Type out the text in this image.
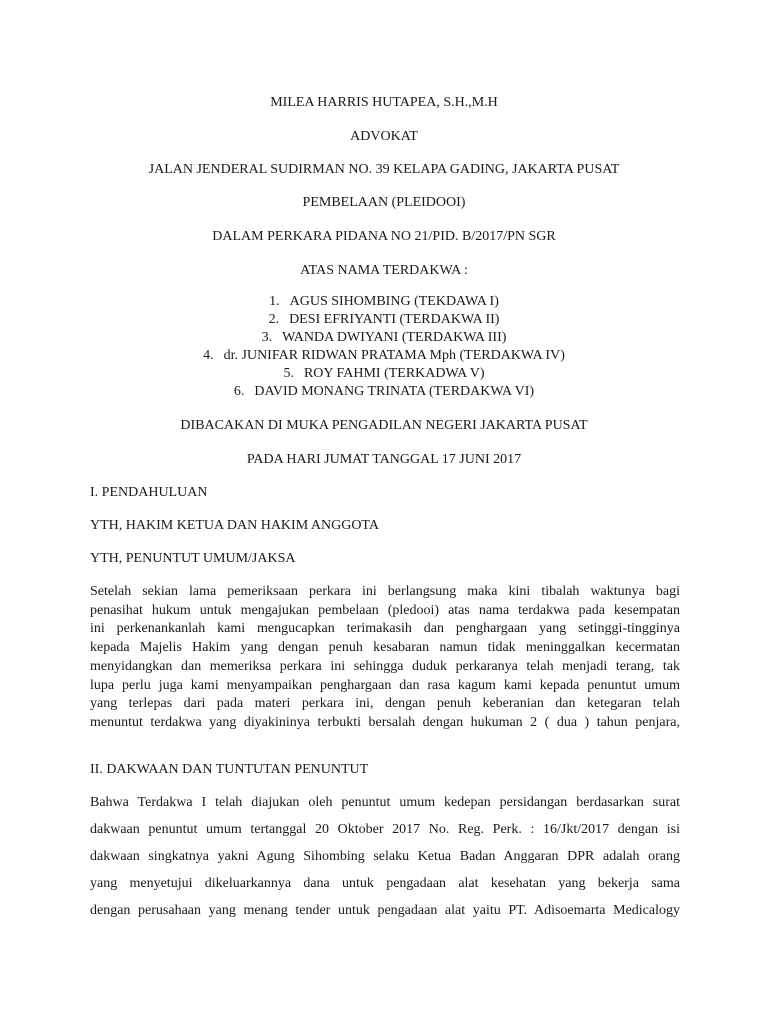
MILEA HARRIS HUTAPEA, S.H.,M.H
ADVOKAT
JALAN JENDERAL SUDIRMAN NO. 39 KELAPA GADING, JAKARTA PUSAT
PEMBELAAN (PLEIDOOI)
DALAM PERKARA PIDANA NO 21/PID. B/2017/PN SGR
ATAS NAMA TERDAKWA :
1. AGUS SIHOMBING (TEKDAWA I)
2. DESI EFRIYANTI (TERDAKWA II)
3. WANDA DWIYANI (TERDAKWA III)
4. dr. JUNIFAR RIDWAN PRATAMA Mph (TERDAKWA IV)
5. ROY FAHMI (TERKADWA V)
6. DAVID MONANG TRINATA (TERDAKWA VI)
DIBACAKAN DI MUKA PENGADILAN NEGERI JAKARTA PUSAT
PADA HARI JUMAT TANGGAL 17 JUNI 2017
I. PENDAHULUAN
YTH, HAKIM KETUA DAN HAKIM ANGGOTA
YTH, PENUNTUT UMUM/JAKSA
Setelah sekian lama pemeriksaan perkara ini berlangsung maka kini tibalah waktunya bagi
penasihat hukum untuk mengajukan pembelaan (pledooi) atas nama terdakwa pada kesempatan
ini perkenankanlah kami mengucapkan terimakasih dan penghargaan yang setinggi-tingginya
kepada Majelis Hakim yang dengan penuh kesabaran namun tidak meninggalkan kecermatan
menyidangkan dan memeriksa perkara ini sehingga duduk perkaranya telah menjadi terang, tak
lupa perlu juga kami menyampaikan penghargaan dan rasa kagum kami kepada penuntut umum
yang terlepas dari pada materi perkara ini, dengan penuh keberanian dan ketegaran telah
menuntut terdakwa yang diyakininya terbukti bersalah dengan hukuman 2 ( dua ) tahun penjara,
II. DAKWAAN DAN TUNTUTAN PENUNTUT
Bahwa Terdakwa I telah diajukan oleh penuntut umum kedepan persidangan berdasarkan surat
dakwaan penuntut umum tertanggal 20 Oktober 2017 No. Reg. Perk. : 16/Jkt/2017 dengan isi
dakwaan singkatnya yakni Agung Sihombing selaku Ketua Badan Anggaran DPR adalah orang
yang menyetujui dikeluarkannya dana untuk pengadaan alat kesehatan yang bekerja sama
dengan perusahaan yang menang tender untuk pengadaan alat yaitu PT. Adisoemarta Medicalogy
